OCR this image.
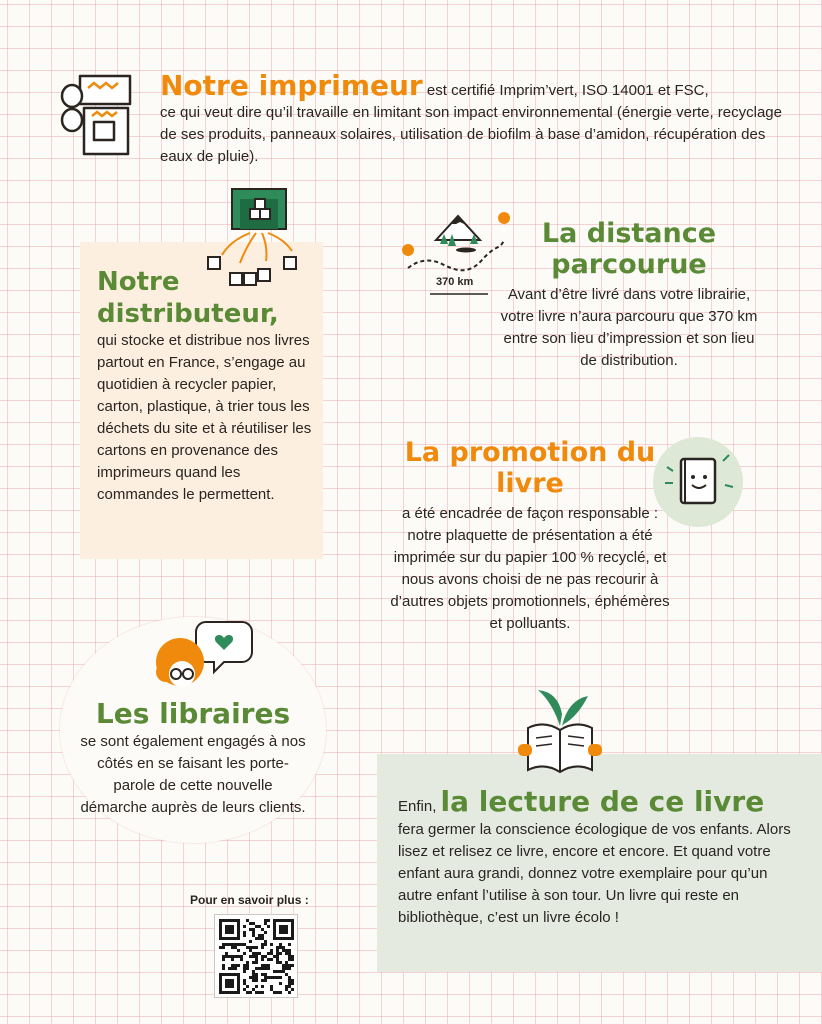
Notre imprimeur est certifié Imprim’vert, ISO 14001 et FSC,

ce qui veut dire qu’il travaille en limitant son impact environnemental (énergie verte, recyclage de ses produits, panneaux solaires, utilisation de biofilm à base d’amidon, récupération des eaux de pluie).

Notre distributeur,
qui stocke et distribue nos livres partout en France, s’engage au quotidien à recycler papier, carton, plastique, à trier tous les déchets du site et à réutiliser les cartons en provenance des imprimeurs quand les commandes le permettent.
370 km
La distance parcourue
Avant d’être livré dans votre librairie, votre livre n’aura parcouru que 370 km entre son lieu d’impression et son lieu de distribution.
La promotion du livre
a été encadrée de façon responsable : notre plaquette de présentation a été imprimée sur du papier 100 % recyclé, et nous avons choisi de ne pas recourir à d’autres objets promotionnels, éphémères et polluants.
Les libraires
se sont également engagés à nos côtés en se faisant les porte-parole de cette nouvelle démarche auprès de leurs clients.	Enfin, la lecture de ce livre
fera germer la conscience écologique de vos enfants. Alors lisez et relisez ce livre, encore et encore. Et quand votre enfant aura grandi, donnez votre exemplaire pour qu’un autre enfant l’utilise à son tour. Un livre qui reste en bibliothèque, c’est un livre écolo !
Pour en savoir plus :
